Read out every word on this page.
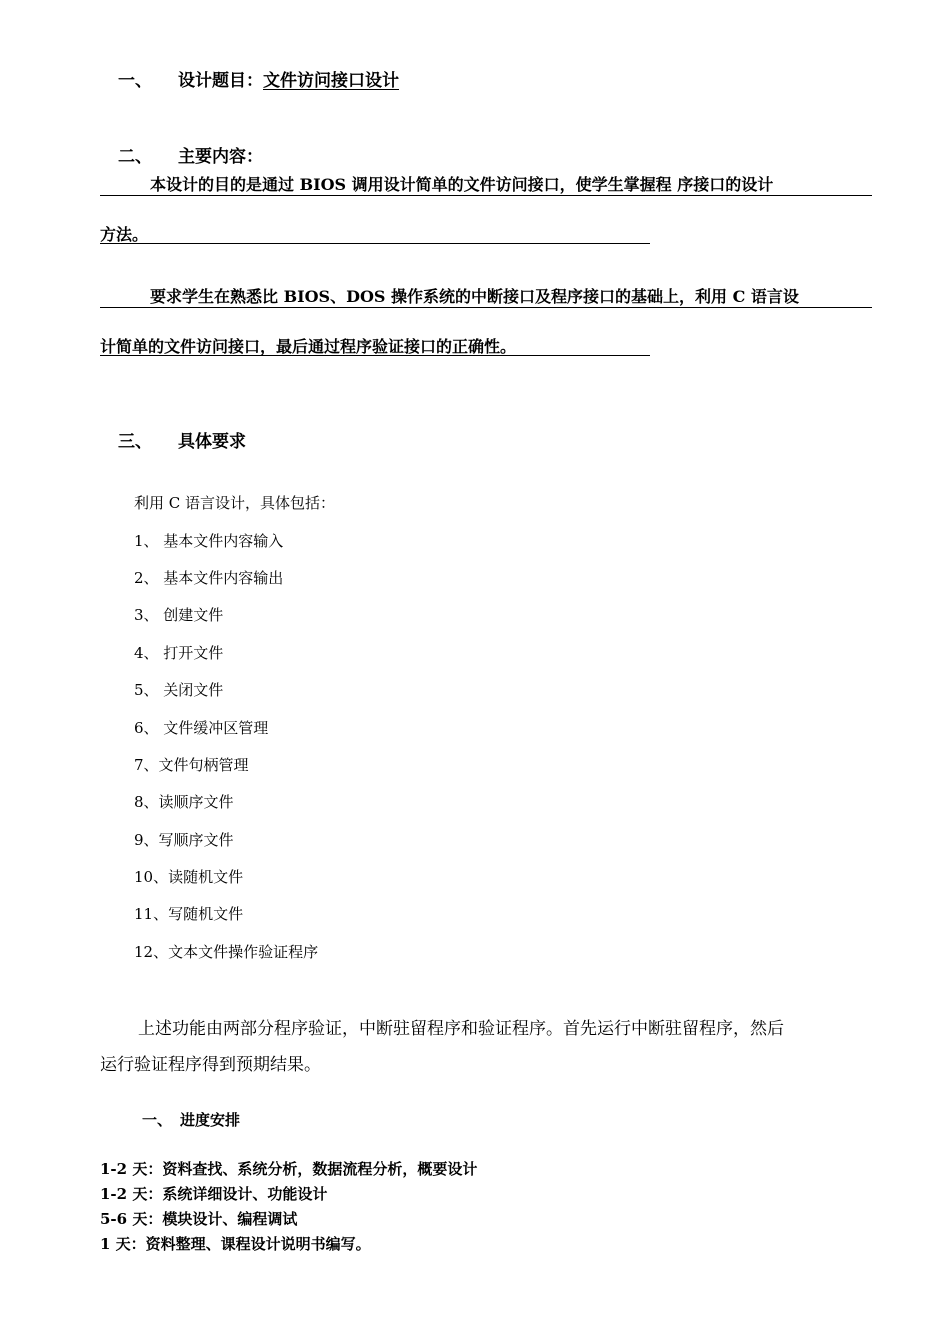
一、 设计题目：文件访问接口设计
二、 主要内容：
本设计的目的是通过 BIOS 调用设计简单的文件访问接口，使学生掌握程 序接口的设计
方法。
要求学生在熟悉比 BIOS、DOS 操作系统的中断接口及程序接口的基础上，利用 C 语言设
计简单的文件访问接口，最后通过程序验证接口的正确性。
三、 具体要求
利用 C 语言设计，具体包括：
1、 基本文件内容输入
2、 基本文件内容输出
3、 创建文件
4、 打开文件
5、 关闭文件
6、 文件缓冲区管理
7、文件句柄管理
8、读顺序文件
9、写顺序文件
10、读随机文件
11、写随机文件
12、文本文件操作验证程序
上述功能由两部分程序验证，中断驻留程序和验证程序。首先运行中断驻留程序，然后
运行验证程序得到预期结果。
一、 进度安排
1-2 天：资料查找、系统分析，数据流程分析，概要设计
1-2 天：系统详细设计、功能设计
5-6 天：模块设计、编程调试
1 天：资料整理、课程设计说明书编写。
